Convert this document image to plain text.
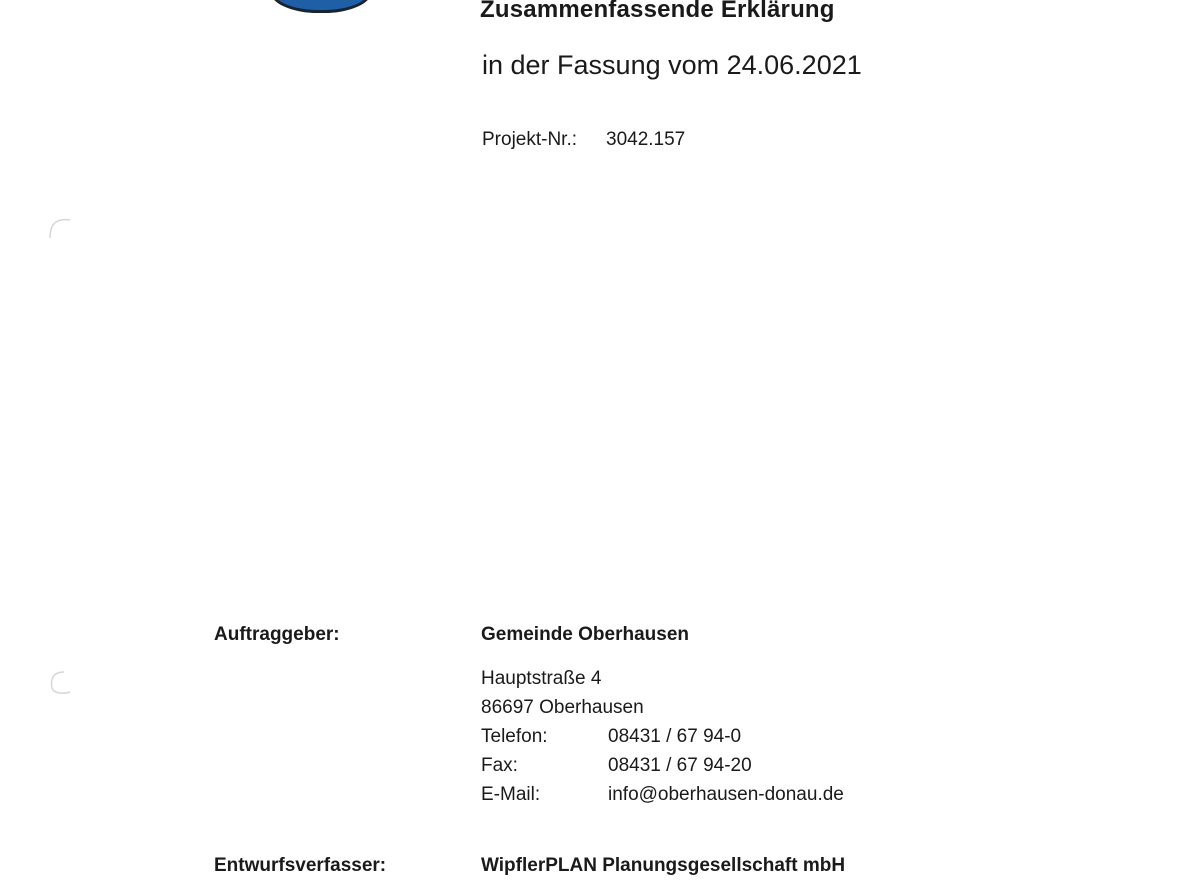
Zusammenfassende Erklärung
in der Fassung vom 24.06.2021
Projekt-Nr.: 3042.157
Auftraggeber:	Gemeinde Oberhausen
Hauptstraße 4
86697 Oberhausen
Telefon:	08431 / 67 94-0
Fax:	08431 / 67 94-20
E-Mail:	info@oberhausen-donau.de
Entwurfsverfasser:	WipflerPLAN Planungsgesellschaft mbH
